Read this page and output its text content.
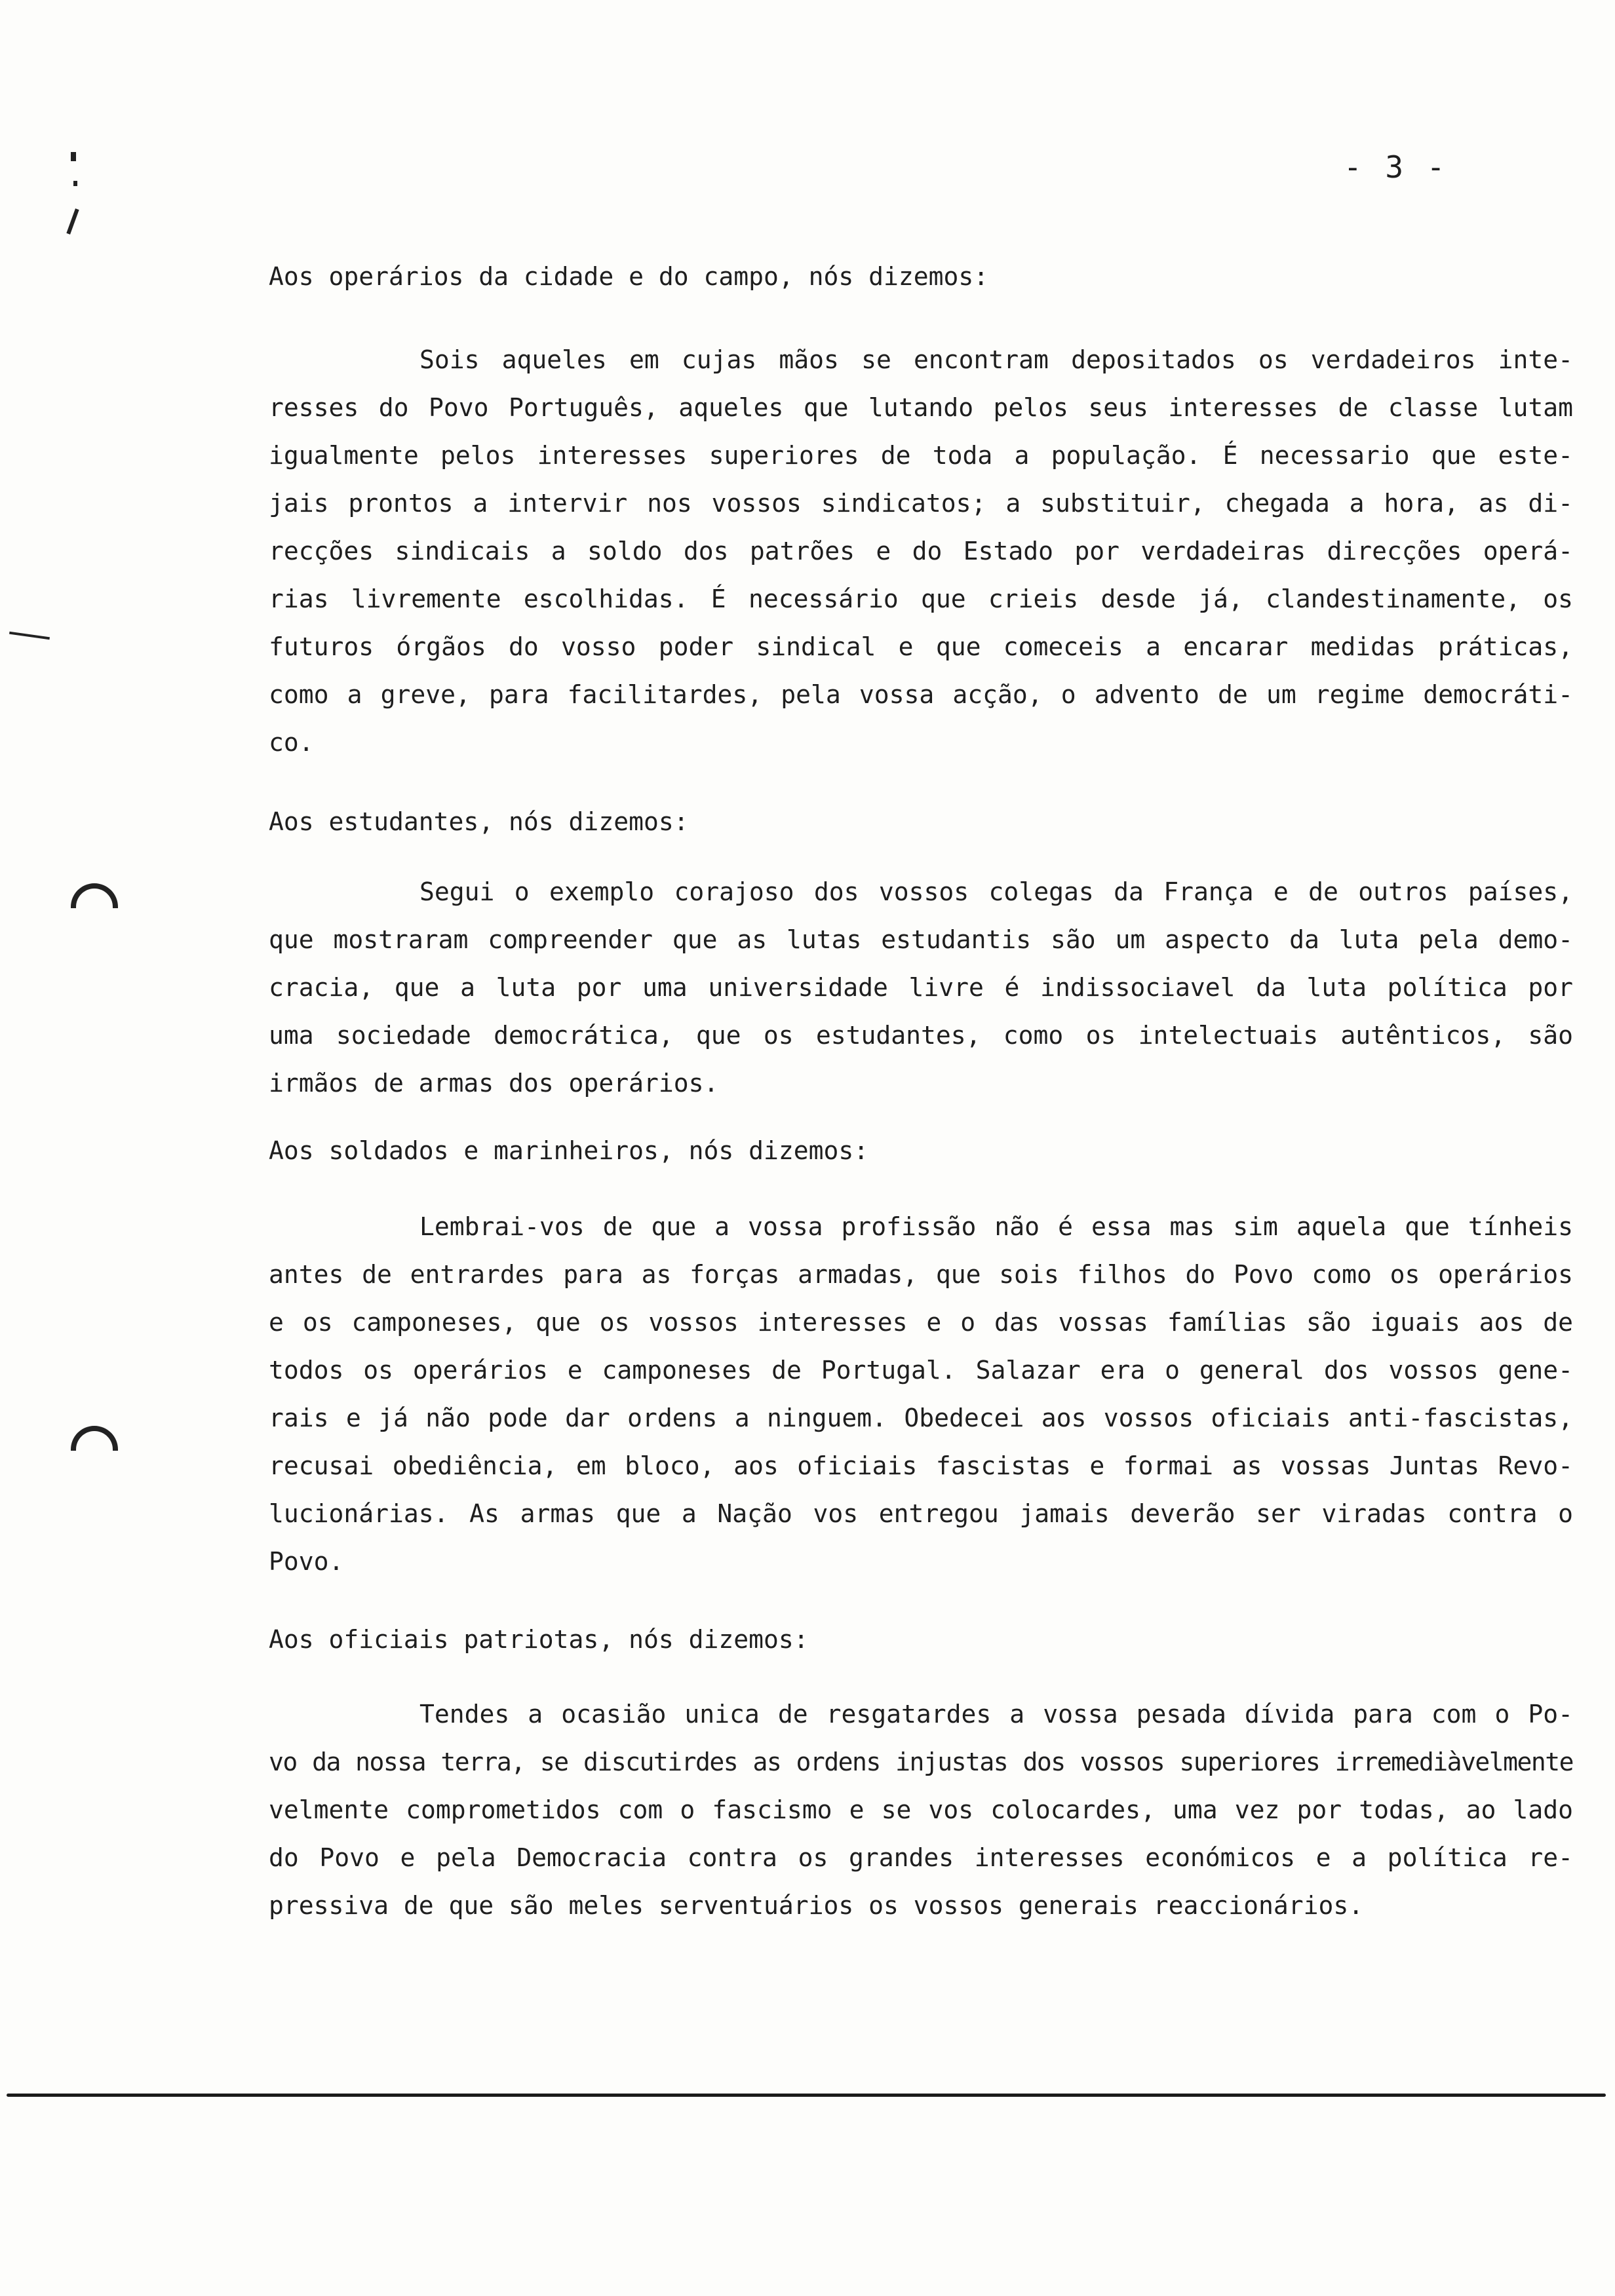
- 3 -
Aos operários da cidade e do campo, nós dizemos:
Sois aqueles em cujas mãos se encontram depositados os verdadeiros inte-
resses do Povo Português, aqueles que lutando pelos seus interesses de classe lutam
igualmente pelos interesses superiores de toda a população. É necessario que este-
jais prontos a intervir nos vossos sindicatos; a substituir, chegada a hora, as di-
recções sindicais a soldo dos patrões e do Estado por verdadeiras direcções operá-
rias livremente escolhidas. É necessário que crieis desde já, clandestinamente, os
futuros órgãos do vosso poder sindical e que comeceis a encarar medidas práticas,
como a greve, para facilitardes, pela vossa acção, o advento de um regime democráti-
co.
Aos estudantes, nós dizemos:
Segui o exemplo corajoso dos vossos colegas da França e de outros países,
que mostraram compreender que as lutas estudantis são um aspecto da luta pela demo-
cracia, que a luta por uma universidade livre é indissociavel da luta política por
uma sociedade democrática, que os estudantes, como os intelectuais autênticos, são
irmãos de armas dos operários.
Aos soldados e marinheiros, nós dizemos:
Lembrai-vos de que a vossa profissão não é essa mas sim aquela que tínheis
antes de entrardes para as forças armadas, que sois filhos do Povo como os operários
e os camponeses, que os vossos interesses e o das vossas famílias são iguais aos de
todos os operários e camponeses de Portugal. Salazar era o general dos vossos gene-
rais e já não pode dar ordens a ninguem. Obedecei aos vossos oficiais anti-fascistas,
recusai obediência, em bloco, aos oficiais fascistas e formai as vossas Juntas Revo-
lucionárias. As armas que a Nação vos entregou jamais deverão ser viradas contra o
Povo.
Aos oficiais patriotas, nós dizemos:
Tendes a ocasião unica de resgatardes a vossa pesada dívida para com o Po-
vo da nossa terra, se discutirdes as ordens injustas dos vossos superiores irremediàvelmente
velmente comprometidos com o fascismo e se vos colocardes, uma vez por todas, ao lado
do Povo e pela Democracia contra os grandes interesses económicos e a política re-
pressiva de que são meles serventuários os vossos generais reaccionários.
